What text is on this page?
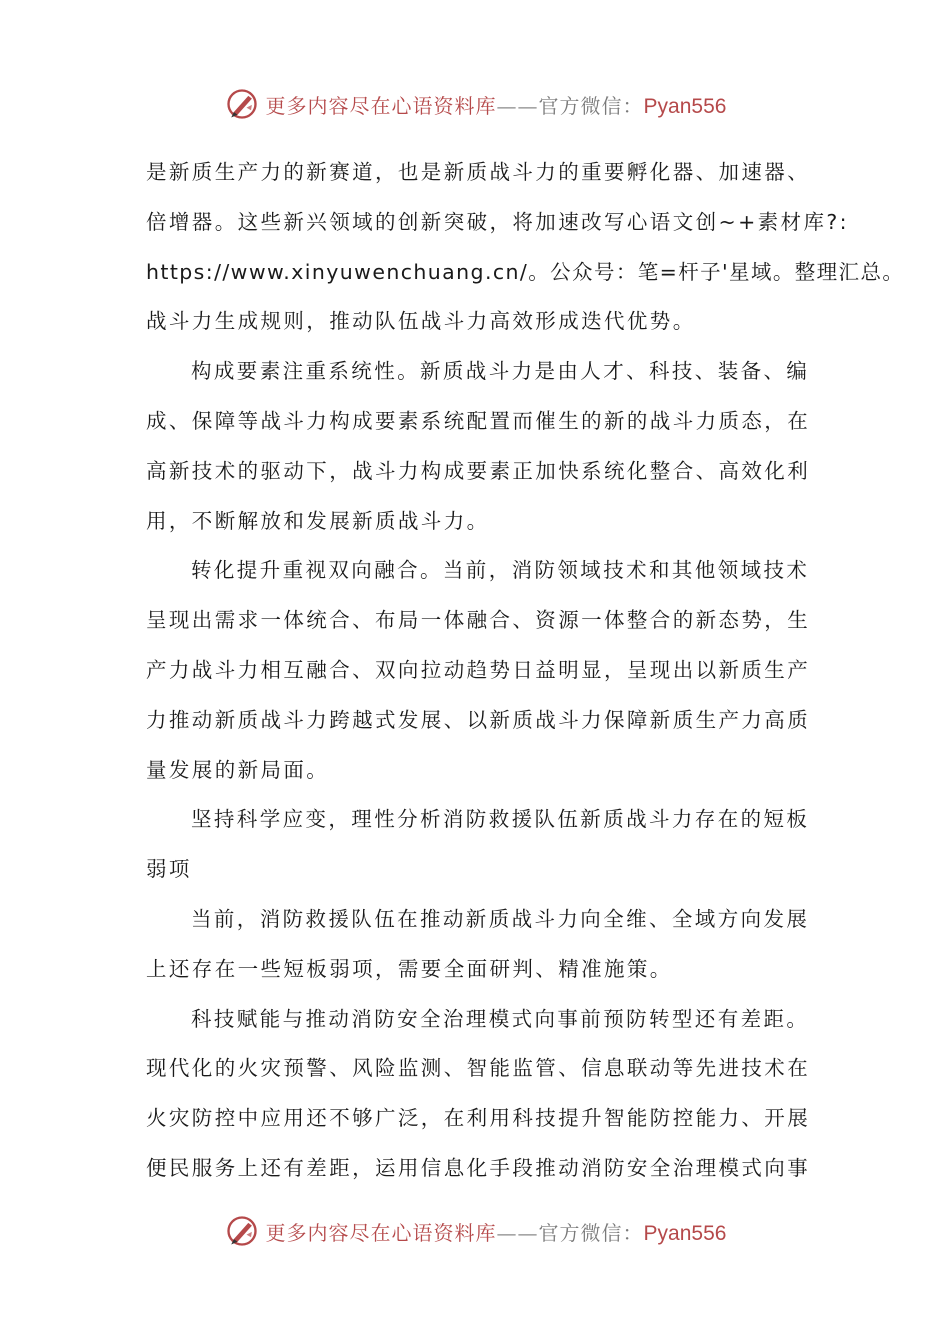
更多内容尽在心语资料库——官方微信：Pyan556
是新质生产力的新赛道，也是新质战斗力的重要孵化器、加速器、
倍增器。这些新兴领域的创新突破，将加速改写心语文创~+素材库?:
https://www.xinyuwenchuang.cn/。公众号：笔=杆子'星域。整理汇总。
战斗力生成规则，推动队伍战斗力高效形成迭代优势。
构成要素注重系统性。新质战斗力是由人才、科技、装备、编
成、保障等战斗力构成要素系统配置而催生的新的战斗力质态，在
高新技术的驱动下，战斗力构成要素正加快系统化整合、高效化利
用，不断解放和发展新质战斗力。
转化提升重视双向融合。当前，消防领域技术和其他领域技术
呈现出需求一体统合、布局一体融合、资源一体整合的新态势，生
产力战斗力相互融合、双向拉动趋势日益明显，呈现出以新质生产
力推动新质战斗力跨越式发展、以新质战斗力保障新质生产力高质
量发展的新局面。
坚持科学应变，理性分析消防救援队伍新质战斗力存在的短板
弱项
当前，消防救援队伍在推动新质战斗力向全维、全域方向发展
上还存在一些短板弱项，需要全面研判、精准施策。
科技赋能与推动消防安全治理模式向事前预防转型还有差距。
现代化的火灾预警、风险监测、智能监管、信息联动等先进技术在
火灾防控中应用还不够广泛，在利用科技提升智能防控能力、开展
便民服务上还有差距，运用信息化手段推动消防安全治理模式向事
更多内容尽在心语资料库——官方微信：Pyan556
